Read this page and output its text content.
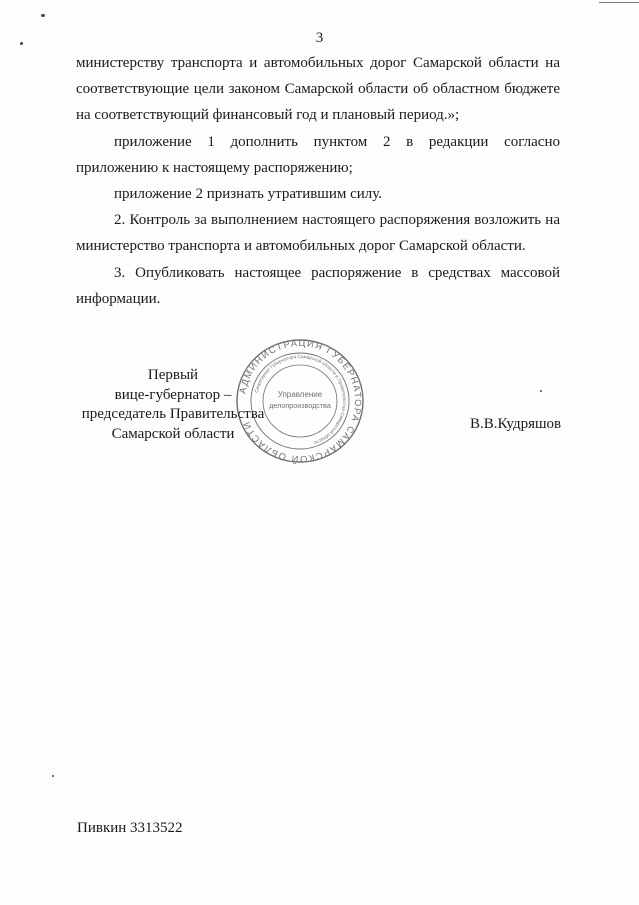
3

министерству транспорта и автомобильных дорог Самарской области на соответствующие цели законом Самарской области об областном бюджете на соответствующий финансовый год и плановый период.»;

приложение 1 дополнить пунктом 2 в редакции согласно приложению к настоящему распоряжению;

приложение 2 признать утратившим силу.

2. Контроль за выполнением настоящего распоряжения возложить на министерство транспорта и автомобильных дорог Самарской области.

3. Опубликовать настоящее распоряжение в средствах массовой информации.

Первый
вице-губернатор –
председатель Правительства
Самарской области
АДМИНИСТРАЦИЯ ГУБЕРНАТОРА САМАРСКОЙ ОБЛАСТИ
Секретариат Губернатора Самарской области и Правительства Самарской области
Управление
делопроизводства
В.В.Кудряшов
Пивкин 3313522
